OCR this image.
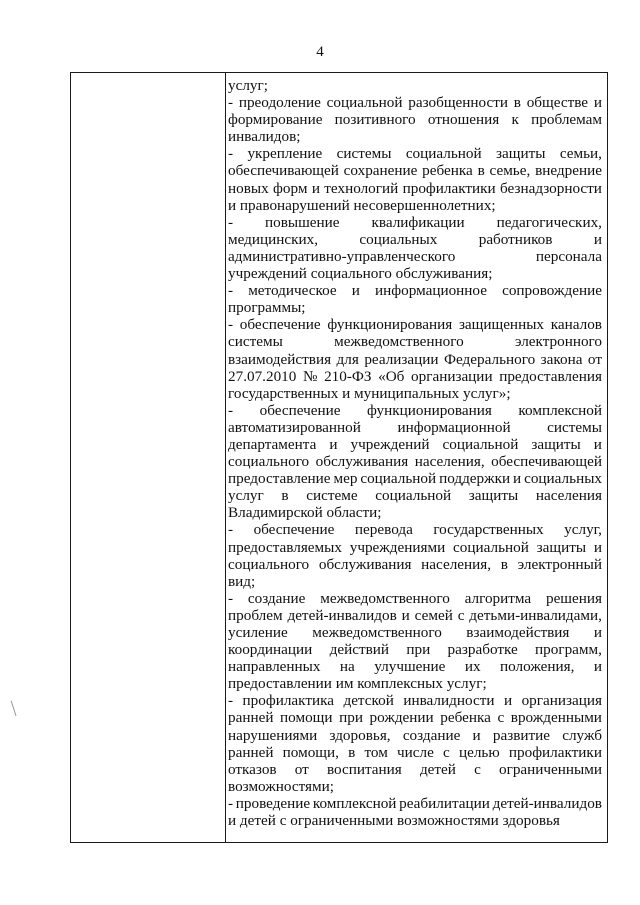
4
услуг;
- преодоление социальной разобщенности в обществе и
формирование позитивного отношения к проблемам
инвалидов;
- укрепление системы социальной защиты семьи,
обеспечивающей сохранение ребенка в семье, внедрение
новых форм и технологий профилактики безнадзорности
и правонарушений несовершеннолетних;
- повышение квалификации педагогических,
медицинских,	социальных	работников	и
административно-управленческого	персонала
учреждений социального обслуживания;
- методическое и информационное сопровождение
программы;
- обеспечение функционирования защищенных каналов
системы	межведомственного	электронного
взаимодействия для реализации Федерального закона от
27.07.2010 № 210-ФЗ «Об организации предоставления
государственных и муниципальных услуг»;
- обеспечение функционирования комплексной
автоматизированной информационной системы
департамента и учреждений социальной защиты и
социального обслуживания населения, обеспечивающей
предоставление мер социальной поддержки и социальных
услуг в системе социальной защиты населения
Владимирской области;
- обеспечение перевода государственных услуг,
предоставляемых учреждениями социальной защиты и
социального обслуживания населения, в электронный
вид;
- создание межведомственного алгоритма решения
проблем детей-инвалидов и семей с детьми-инвалидами,
усиление межведомственного взаимодействия и
координации действий при разработке программ,
направленных на улучшение их положения, и
предоставлении им комплексных услуг;
- профилактика детской инвалидности и организация
ранней помощи при рождении ребенка с врожденными
нарушениями здоровья, создание и развитие служб
ранней помощи, в том числе с целью профилактики
отказов от воспитания детей с ограниченными
возможностями;
- проведение комплексной реабилитации детей-инвалидов
и детей с ограниченными возможностями здоровья
